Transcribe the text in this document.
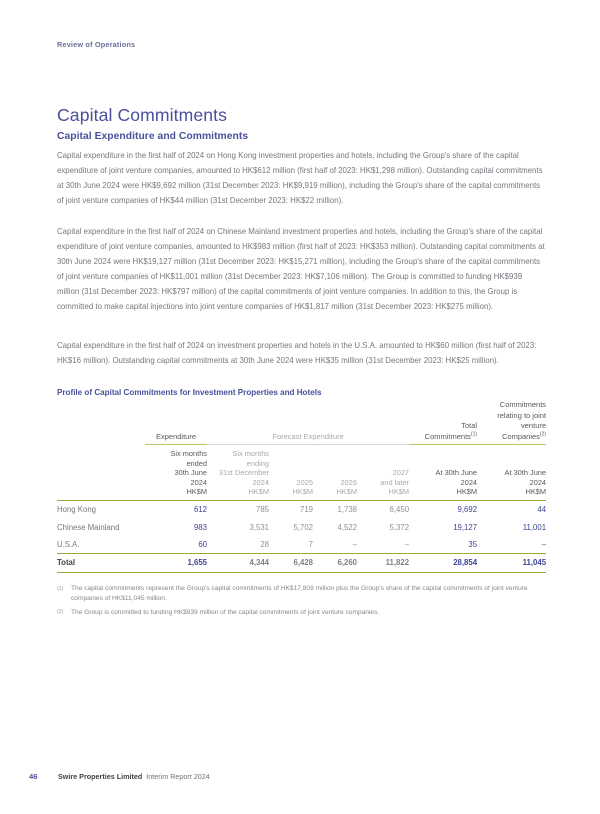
Review of Operations
Capital Commitments
Capital Expenditure and Commitments

Capital expenditure in the first half of 2024 on Hong Kong investment properties and hotels, including the Group's share of the capital expenditure of joint venture companies, amounted to HK$612 million (first half of 2023: HK$1,298 million). Outstanding capital commitments at 30th June 2024 were HK$9,692 million (31st December 2023: HK$9,919 million), including the Group's share of the capital commitments of joint venture companies of HK$44 million (31st December 2023: HK$22 million).

Capital expenditure in the first half of 2024 on Chinese Mainland investment properties and hotels, including the Group's share of the capital expenditure of joint venture companies, amounted to HK$983 million (first half of 2023: HK$353 million). Outstanding capital commitments at 30th June 2024 were HK$19,127 million (31st December 2023: HK$15,271 million), including the Group's share of the capital commitments of joint venture companies of HK$11,001 million (31st December 2023: HK$7,106 million). The Group is committed to funding HK$939 million (31st December 2023: HK$797 million) of the capital commitments of joint venture companies. In addition to this, the Group is committed to make capital injections into joint venture companies of HK$1,817 million (31st December 2023: HK$275 million).

Capital expenditure in the first half of 2024 on investment properties and hotels in the U.S.A. amounted to HK$60 million (first half of 2023: HK$16 million). Outstanding capital commitments at 30th June 2024 were HK$35 million (31st December 2023: HK$25 million).

Profile of Capital Commitments for Investment Properties and Hotels
	Expenditure	Forecast Expenditure				Total Commitments$^{(1)}$	Commitments relating to joint venture Companies$^{(2)}$
	Six months
ended
30th June
2024
HK$M	Six months
ending
31st December
2024
HK$M	2025
HK$M	2026
HK$M	2027
and later
HK$M	At 30th June
2024
HK$M	At 30th June
2024
HK$M
Hong Kong	612	785	719	1,738	6,450	9,692	44
Chinese Mainland	983	3,531	5,702	4,522	5,372	19,127	11,001
U.S.A.	60	28	7	–	–	35	–
Total	1,655	4,344	6,428	6,260	11,822	28,854	11,045
(1)	The capital commitments represent the Group's capital commitments of HK$17,809 million plus the Group's share of the capital commitments of joint venture companies of HK$11,045 million.
(2)	The Group is committed to funding HK$939 million of the capital commitments of joint venture companies.
46	Swire Properties Limited Interim Report 2024
